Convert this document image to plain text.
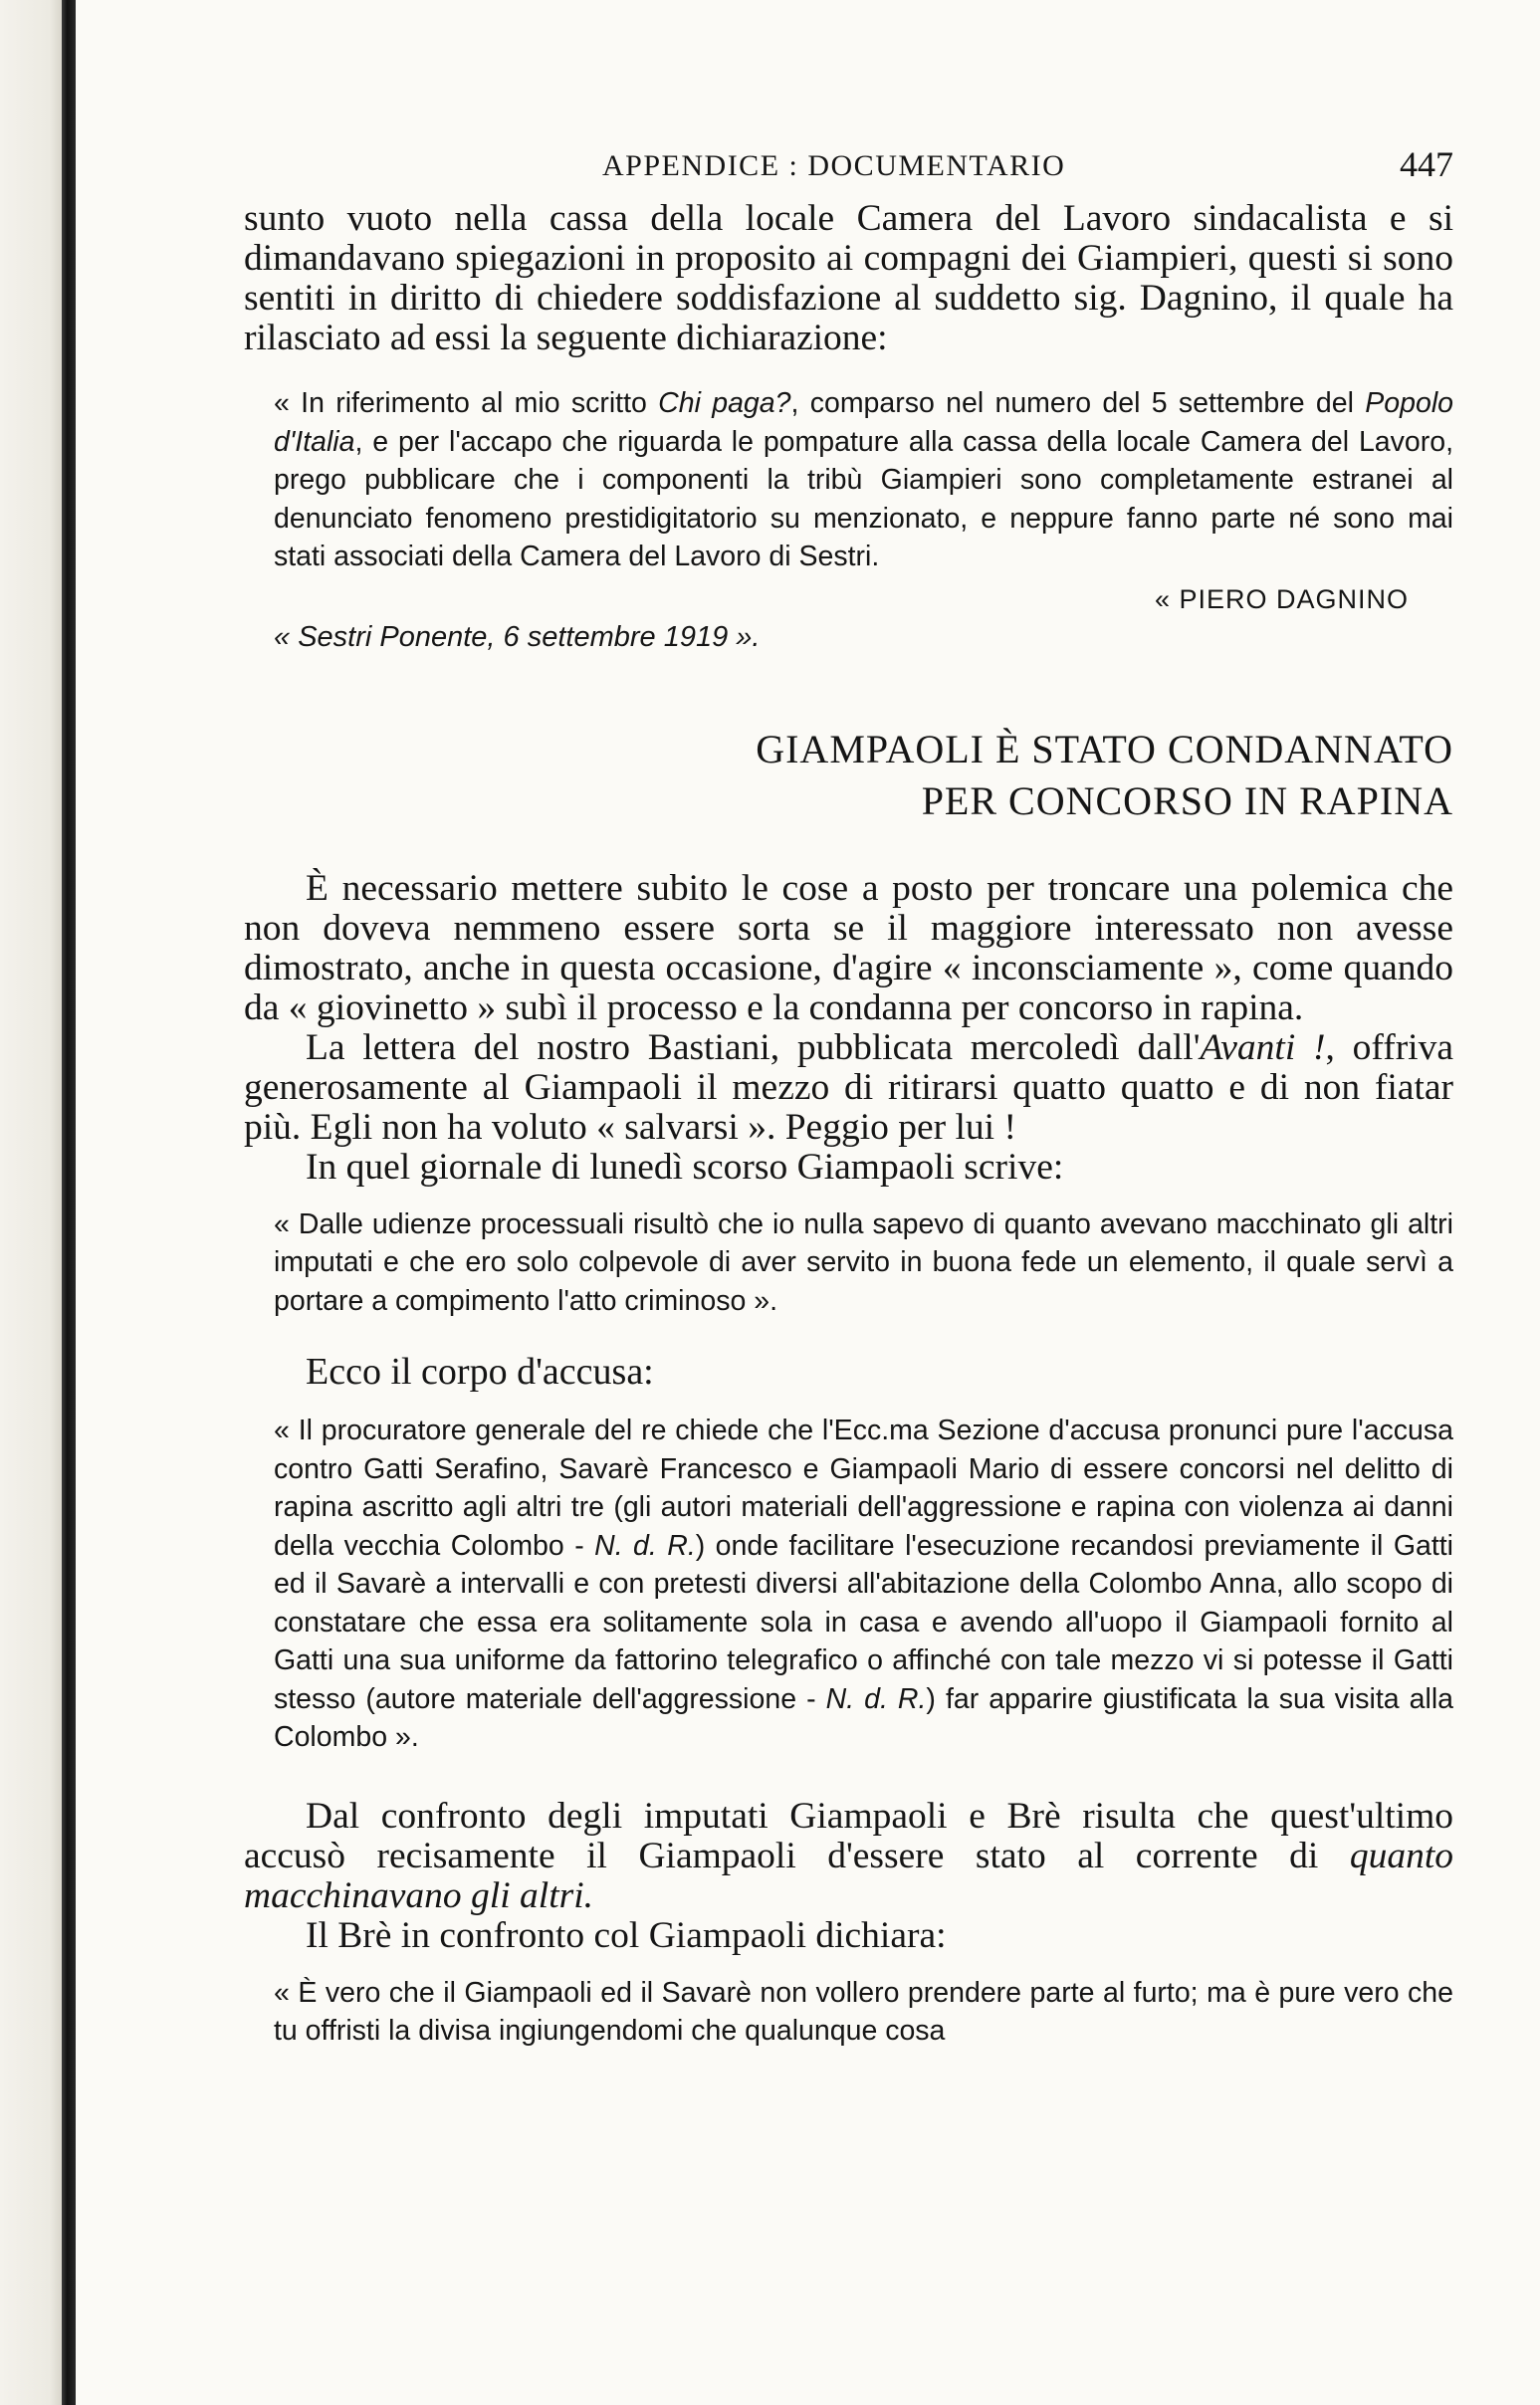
APPENDICE : DOCUMENTARIO	447

sunto vuoto nella cassa della locale Camera del Lavoro sindacalista e si dimandavano spiegazioni in proposito ai compagni dei Giampieri, questi si sono sentiti in diritto di chiedere soddisfazione al suddetto sig. Dagnino, il quale ha rilasciato ad essi la seguente dichiarazione:

« In riferimento al mio scritto Chi paga?, comparso nel numero del 5 settembre del Popolo d'Italia, e per l'accapo che riguarda le pompature alla cassa della locale Camera del Lavoro, prego pubblicare che i componenti la tribù Giampieri sono completamente estranei al denunciato fenomeno prestidigitatorio su menzionato, e neppure fanno parte né sono mai stati associati della Camera del Lavoro di Sestri.

« PIERO DAGNINO

« Sestri Ponente, 6 settembre 1919 ».

GIAMPAOLI È STATO CONDANNATO
PER CONCORSO IN RAPINA

È necessario mettere subito le cose a posto per troncare una polemica che non doveva nemmeno essere sorta se il maggiore interessato non avesse dimostrato, anche in questa occasione, d'agire « inconsciamente », come quando da « giovinetto » subì il processo e la condanna per concorso in rapina.

La lettera del nostro Bastiani, pubblicata mercoledì dall'Avanti !, offriva generosamente al Giampaoli il mezzo di ritirarsi quatto quatto e di non fiatar più. Egli non ha voluto « salvarsi ». Peggio per lui !

In quel giornale di lunedì scorso Giampaoli scrive:

« Dalle udienze processuali risultò che io nulla sapevo di quanto avevano macchinato gli altri imputati e che ero solo colpevole di aver servito in buona fede un elemento, il quale servì a portare a compimento l'atto criminoso ».

Ecco il corpo d'accusa:

« Il procuratore generale del re chiede che l'Ecc.ma Sezione d'accusa pronunci pure l'accusa contro Gatti Serafino, Savarè Francesco e Giampaoli Mario di essere concorsi nel delitto di rapina ascritto agli altri tre (gli autori materiali dell'aggressione e rapina con violenza ai danni della vecchia Colombo - N. d. R.) onde facilitare l'esecuzione recandosi previamente il Gatti ed il Savarè a intervalli e con pretesti diversi all'abitazione della Colombo Anna, allo scopo di constatare che essa era solitamente sola in casa e avendo all'uopo il Giampaoli fornito al Gatti una sua uniforme da fattorino telegrafico o affinché con tale mezzo vi si potesse il Gatti stesso (autore materiale dell'aggressione - N. d. R.) far apparire giustificata la sua visita alla Colombo ».

Dal confronto degli imputati Giampaoli e Brè risulta che quest'ultimo accusò recisamente il Giampaoli d'essere stato al corrente di quanto macchinavano gli altri.

Il Brè in confronto col Giampaoli dichiara:

« È vero che il Giampaoli ed il Savarè non vollero prendere parte al furto; ma è pure vero che tu offristi la divisa ingiungendomi che qualunque cosa
